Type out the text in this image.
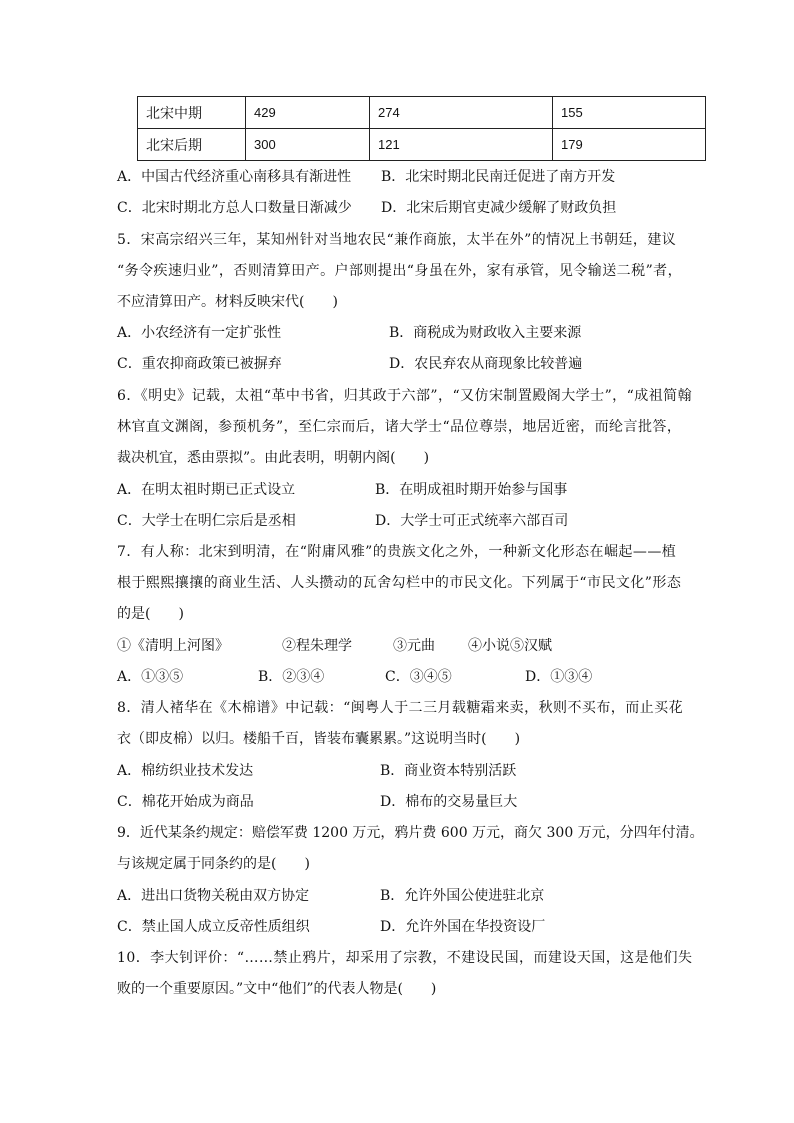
北宋中期	429	274	155
北宋后期	300	121	179
A．中国古代经济重心南移具有渐进性 B．北宋时期北民南迁促进了南方开发
C．北宋时期北方总人口数量日渐减少 D．北宋后期官吏减少缓解了财政负担
5．宋高宗绍兴三年，某知州针对当地农民“兼作商旅，太半在外”的情况上书朝廷，建议
“务令疾速归业”，否则清算田产。户部则提出“身虽在外，家有承管，见令输送二税”者，
不应清算田产。材料反映宋代(　　)
A．小农经济有一定扩张性	B．商税成为财政收入主要来源
C．重农抑商政策已被摒弃	D．农民弃农从商现象比较普遍
6．《明史》记载，太祖“革中书省，归其政于六部”，“又仿宋制置殿阁大学士”，“成祖简翰
林官直文渊阁，参预机务”，至仁宗而后，诸大学士“品位尊崇，地居近密，而纶言批答，
裁决机宜，悉由票拟”。由此表明，明朝内阁(　　)
A．在明太祖时期已正式设立	B．在明成祖时期开始参与国事
C．大学士在明仁宗后是丞相	D．大学士可正式统率六部百司
7．有人称：北宋到明清，在“附庸风雅”的贵族文化之外，一种新文化形态在崛起——植
根于熙熙攘攘的商业生活、人头攒动的瓦舍勾栏中的市民文化。下列属于“市民文化”形态
的是(　　)
①《清明上河图》	②程朱理学	③元曲 ④小说⑤汉赋
A．①③⑤	B．②③④	C．③④⑤	D．①③④
8．清人褚华在《木棉谱》中记载：“闽粤人于二三月载糖霜来卖，秋则不买布，而止买花
衣（即皮棉）以归。楼船千百，皆装布囊累累。”这说明当时(　　)
A．棉纺织业技术发达	B．商业资本特别活跃
C．棉花开始成为商品	D．棉布的交易量巨大
9．近代某条约规定：赔偿军费 1200 万元，鸦片费 600 万元，商欠 300 万元，分四年付清。
与该规定属于同条约的是(　　)
A．进出口货物关税由双方协定	B．允许外国公使进驻北京
C．禁止国人成立反帝性质组织	D．允许外国在华投资设厂
10．李大钊评价：“……禁止鸦片，却采用了宗教，不建设民国，而建设天国，这是他们失
败的一个重要原因。”文中“他们”的代表人物是(　　)
